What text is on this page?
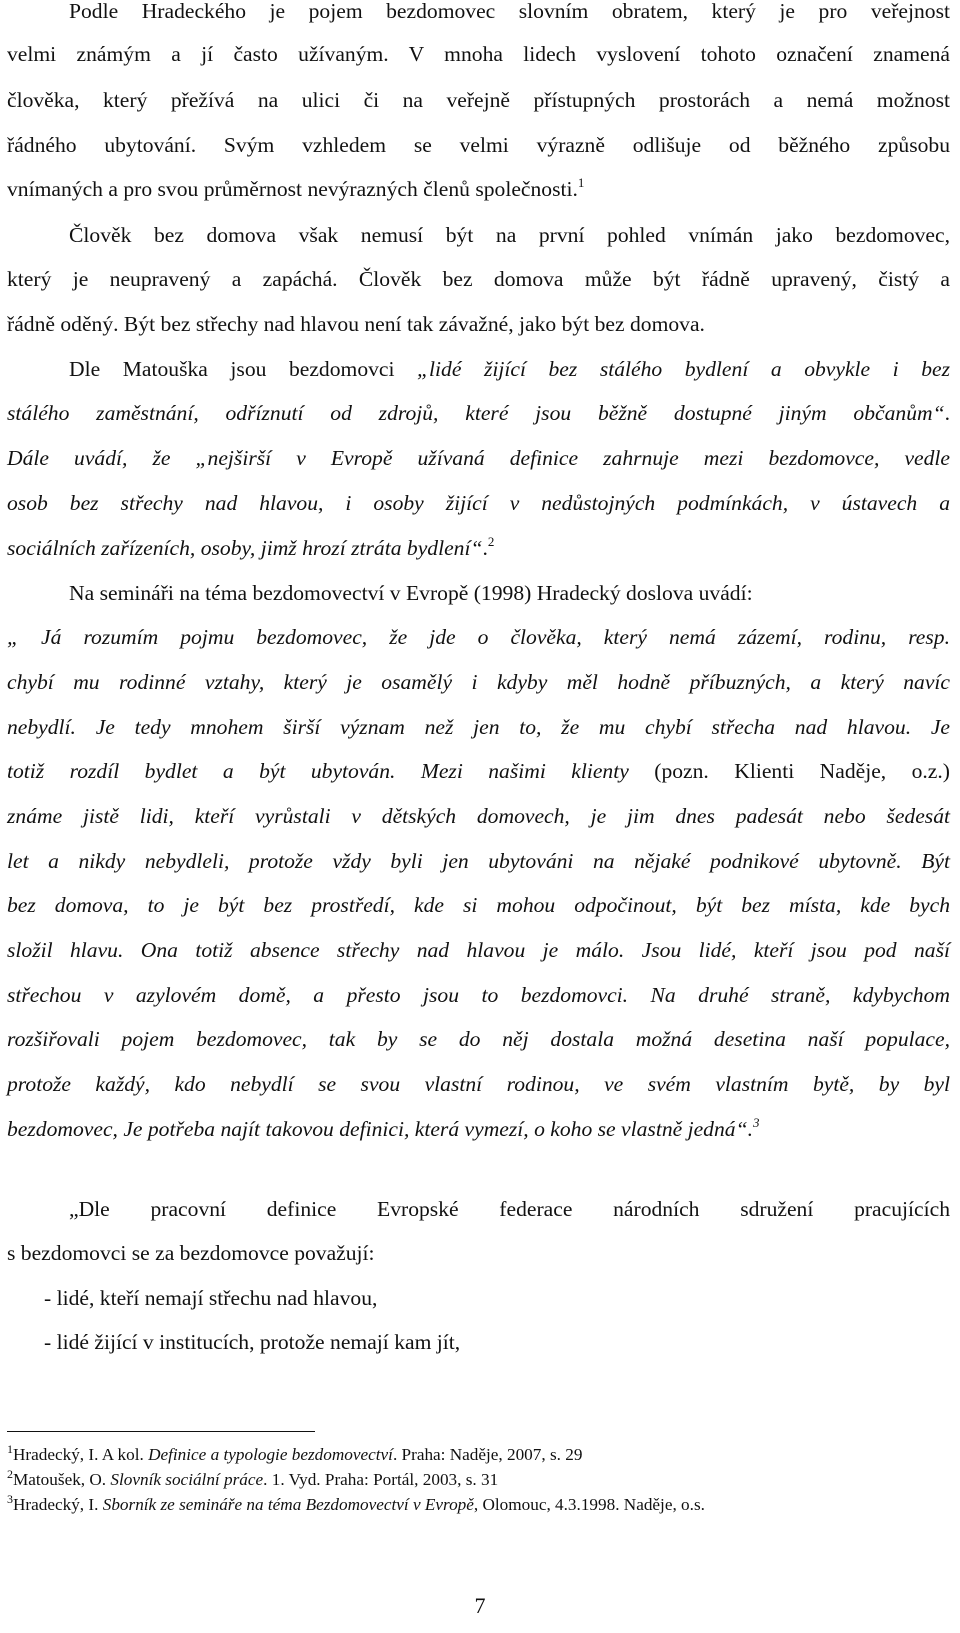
Podle Hradeckého je pojem bezdomovec slovním obratem, který je pro veřejnost
velmi známým a jí často užívaným. V mnoha lidech vyslovení tohoto označení znamená
člověka, který přežívá na ulici či na veřejně přístupných prostorách a nemá možnost
řádného ubytování. Svým vzhledem se velmi výrazně odlišuje od běžného způsobu
vnímaných a pro svou průměrnost nevýrazných členů společnosti.$^1$
Člověk bez domova však nemusí být na první pohled vnímán jako bezdomovec,
který je neupravený a zapáchá. Člověk bez domova může být řádně upravený, čistý a
řádně oděný. Být bez střechy nad hlavou není tak závažné, jako být bez domova.
Dle Matouška jsou bezdomovci „lidé žijící bez stálého bydlení a obvykle i bez
stálého zaměstnání, odříznutí od zdrojů, které jsou běžně dostupné jiným občanům“.
Dále uvádí, že „nejširší v Evropě užívaná definice zahrnuje mezi bezdomovce, vedle
osob bez střechy nad hlavou, i osoby žijící v nedůstojných podmínkách, v ústavech a
sociálních zařízeních, osoby, jimž hrozí ztráta bydlení“.$^2$
Na semináři na téma bezdomovectví v Evropě (1998) Hradecký doslova uvádí:
„ Já rozumím pojmu bezdomovec, že jde o člověka, který nemá zázemí, rodinu, resp.
chybí mu rodinné vztahy, který je osamělý i kdyby měl hodně příbuzných, a který navíc
nebydlí. Je tedy mnohem širší význam než jen to, že mu chybí střecha nad hlavou. Je
totiž rozdíl bydlet a být ubytován. Mezi našimi klienty (pozn. Klienti Naděje, o.z.)
známe jistě lidi, kteří vyrůstali v dětských domovech, je jim dnes padesát nebo šedesát
let a nikdy nebydleli, protože vždy byli jen ubytováni na nějaké podnikové ubytovně. Být
bez domova, to je být bez prostředí, kde si mohou odpočinout, být bez místa, kde bych
složil hlavu. Ona totiž absence střechy nad hlavou je málo. Jsou lidé, kteří jsou pod naší
střechou v azylovém domě, a přesto jsou to bezdomovci. Na druhé straně, kdybychom
rozšiřovali pojem bezdomovec, tak by se do něj dostala možná desetina naší populace,
protože každý, kdo nebydlí se svou vlastní rodinou, ve svém vlastním bytě, by byl
bezdomovec, Je potřeba najít takovou definici, která vymezí, o koho se vlastně jedná“.$^3$
„Dle pracovní definice Evropské federace národních sdružení pracujících
s bezdomovci se za bezdomovce považují:
- lidé, kteří nemají střechu nad hlavou,
- lidé žijící v institucích, protože nemají kam jít,
$^1$Hradecký, I. A kol. Definice a typologie bezdomovectví. Praha: Naděje, 2007, s. 29
$^2$Matoušek, O. Slovník sociální práce. 1. Vyd. Praha: Portál, 2003, s. 31
$^3$Hradecký, I. Sborník ze semináře na téma Bezdomovectví v Evropě, Olomouc, 4.3.1998. Naděje, o.s.
7
